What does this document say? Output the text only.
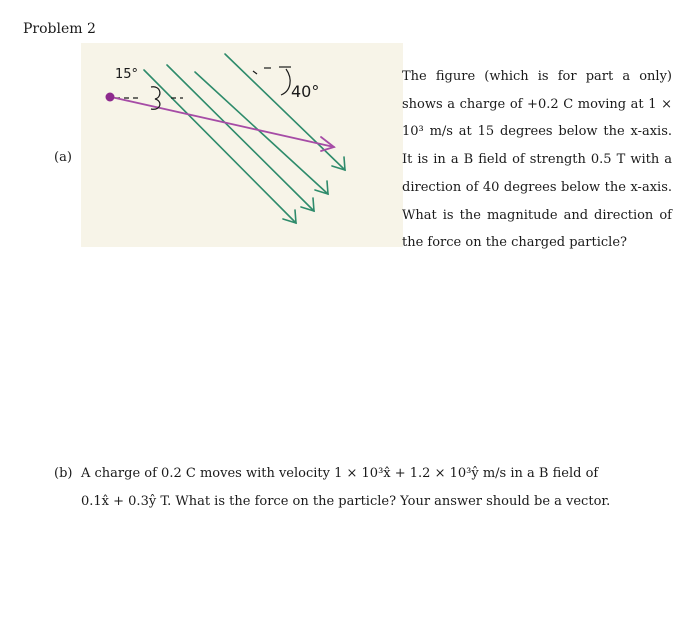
Problem 2
(a)
15°
40°
The figure (which is for part a only) shows a charge of +0.2 C moving at 1 × 10³ m/s at 15 degrees below the x-axis. It is in a B field of strength 0.5 T with a direction of 40 degrees below the x-axis. What is the magnitude and direction of the force on the charged particle?
(b) A charge of 0.2 C moves with velocity 1 × 10³x̂ + 1.2 × 10³ŷ m/s in a B field of 0.1x̂ + 0.3ŷ T. What is the force on the particle? Your answer should be a vector.
